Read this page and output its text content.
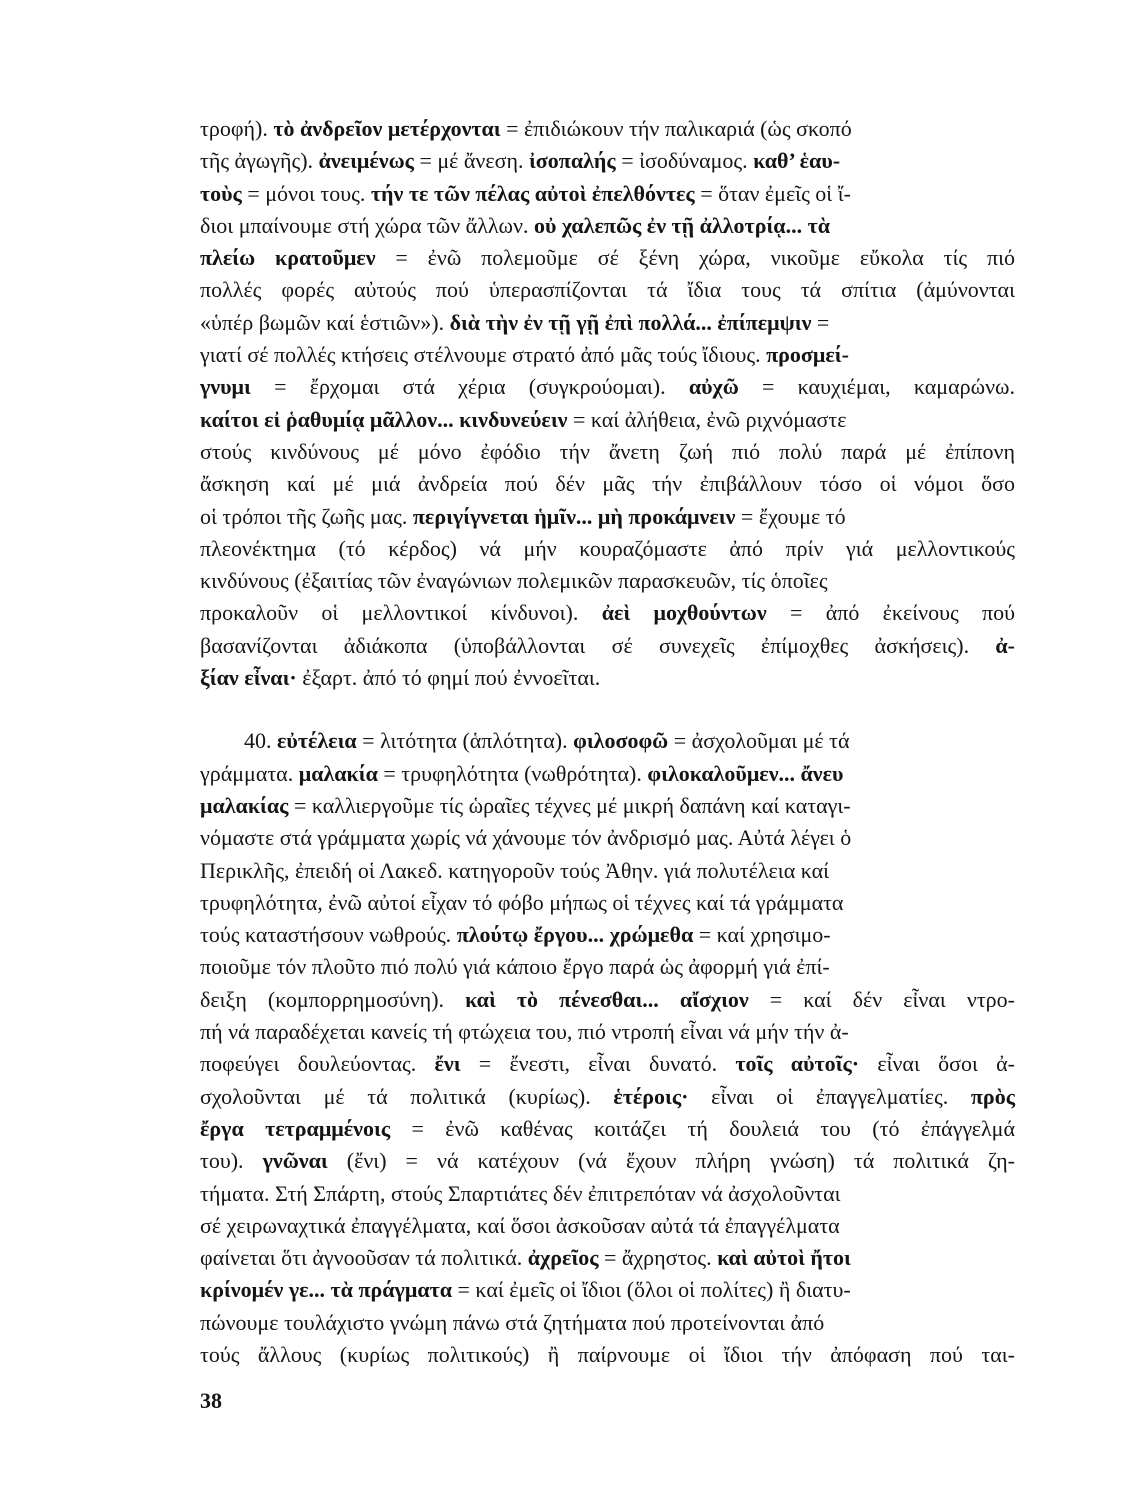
τροφή). τὸ ἀνδρεῖον μετέρχονται = ἐπιδιώκουν τήν παλικαριά (ὡς σκοπό
τῆς ἀγωγῆς). ἀνειμένως = μέ ἄνεση. ἰσοπαλής = ἰσοδύναμος. καθ’ ἑαυ-
τοὺς = μόνοι τους. τήν τε τῶν πέλας αὐτοὶ ἐπελθόντες = ὅταν ἐμεῖς οἱ ἴ-
διοι μπαίνουμε στή χώρα τῶν ἄλλων. οὐ χαλεπῶς ἐν τῇ ἀλλοτρίᾳ... τὰ
πλείω κρατοῦμεν = ἐνῶ πολεμοῦμε σέ ξένη χώρα, νικοῦμε εὔκολα τίς πιό
πολλές φορές αὐτούς πού ὑπερασπίζονται τά ἴδια τους τά σπίτια (ἀμύνονται
«ὑπέρ βωμῶν καί ἑστιῶν»). διὰ τὴν ἐν τῇ γῇ ἐπὶ πολλά... ἐπίπεμψιν =
γιατί σέ πολλές κτήσεις στέλνουμε στρατό ἀπό μᾶς τούς ἴδιους. προσμεί-
γνυμι = ἔρχομαι στά χέρια (συγκρούομαι). αὐχῶ = καυχιέμαι, καμαρώνω.
καίτοι εἰ ῥαθυμίᾳ μᾶλλον... κινδυνεύειν = καί ἀλήθεια, ἐνῶ ριχνόμαστε
στούς κινδύνους μέ μόνο ἐφόδιο τήν ἄνετη ζωή πιό πολύ παρά μέ ἐπίπονη
ἄσκηση καί μέ μιά ἀνδρεία πού δέν μᾶς τήν ἐπιβάλλουν τόσο οἱ νόμοι ὅσο
οἱ τρόποι τῆς ζωῆς μας. περιγίγνεται ἡμῖν... μὴ προκάμνειν = ἔχουμε τό
πλεονέκτημα (τό κέρδος) νά μήν κουραζόμαστε ἀπό πρίν γιά μελλοντικούς
κινδύνους (ἐξαιτίας τῶν ἐναγώνιων πολεμικῶν παρασκευῶν, τίς ὁποῖες
προκαλοῦν οἱ μελλοντικοί κίνδυνοι). ἀεὶ μοχθούντων = ἀπό ἐκείνους πού
βασανίζονται ἀδιάκοπα (ὑποβάλλονται σέ συνεχεῖς ἐπίμοχθες ἀσκήσεις). ἀ-
ξίαν εἶναι· ἐξαρτ. ἀπό τό φημί πού ἐννοεῖται.
40. εὐτέλεια = λιτότητα (ἁπλότητα). φιλοσοφῶ = ἀσχολοῦμαι μέ τά
γράμματα. μαλακία = τρυφηλότητα (νωθρότητα). φιλοκαλοῦμεν... ἄνευ
μαλακίας = καλλιεργοῦμε τίς ὡραῖες τέχνες μέ μικρή δαπάνη καί καταγι-
νόμαστε στά γράμματα χωρίς νά χάνουμε τόν ἀνδρισμό μας. Αὐτά λέγει ὁ
Περικλῆς, ἐπειδή οἱ Λακεδ. κατηγοροῦν τούς Ἀθην. γιά πολυτέλεια καί
τρυφηλότητα, ἐνῶ αὐτοί εἶχαν τό φόβο μήπως οἱ τέχνες καί τά γράμματα
τούς καταστήσουν νωθρούς. πλούτῳ ἔργου... χρώμεθα = καί χρησιμο-
ποιοῦμε τόν πλοῦτο πιό πολύ γιά κάποιο ἔργο παρά ὡς ἀφορμή γιά ἐπί-
δειξη (κομπορρημοσύνη). καὶ τὸ πένεσθαι... αἴσχιον = καί δέν εἶναι ντρο-
πή νά παραδέχεται κανείς τή φτώχεια του, πιό ντροπή εἶναι νά μήν τήν ἀ-
ποφεύγει δουλεύοντας. ἔνι = ἔνεστι, εἶναι δυνατό. τοῖς αὐτοῖς· εἶναι ὅσοι ἀ-
σχολοῦνται μέ τά πολιτικά (κυρίως). ἑτέροις· εἶναι οἱ ἐπαγγελματίες. πρὸς
ἔργα τετραμμένοις = ἐνῶ καθένας κοιτάζει τή δουλειά του (τό ἐπάγγελμά
του). γνῶναι (ἔνι) = νά κατέχουν (νά ἔχουν πλήρη γνώση) τά πολιτικά ζη-
τήματα. Στή Σπάρτη, στούς Σπαρτιάτες δέν ἐπιτρεπόταν νά ἀσχολοῦνται
σέ χειρωναχτικά ἐπαγγέλματα, καί ὅσοι ἀσκοῦσαν αὐτά τά ἐπαγγέλματα
φαίνεται ὅτι ἀγνοοῦσαν τά πολιτικά. ἀχρεῖος = ἄχρηστος. καὶ αὐτοὶ ἤτοι
κρίνομέν γε... τὰ πράγματα = καί ἐμεῖς οἱ ἴδιοι (ὅλοι οἱ πολίτες) ἢ διατυ-
πώνουμε τουλάχιστο γνώμη πάνω στά ζητήματα πού προτείνονται ἀπό
τούς ἄλλους (κυρίως πολιτικούς) ἢ παίρνουμε οἱ ἴδιοι τήν ἀπόφαση πού ται-
38
